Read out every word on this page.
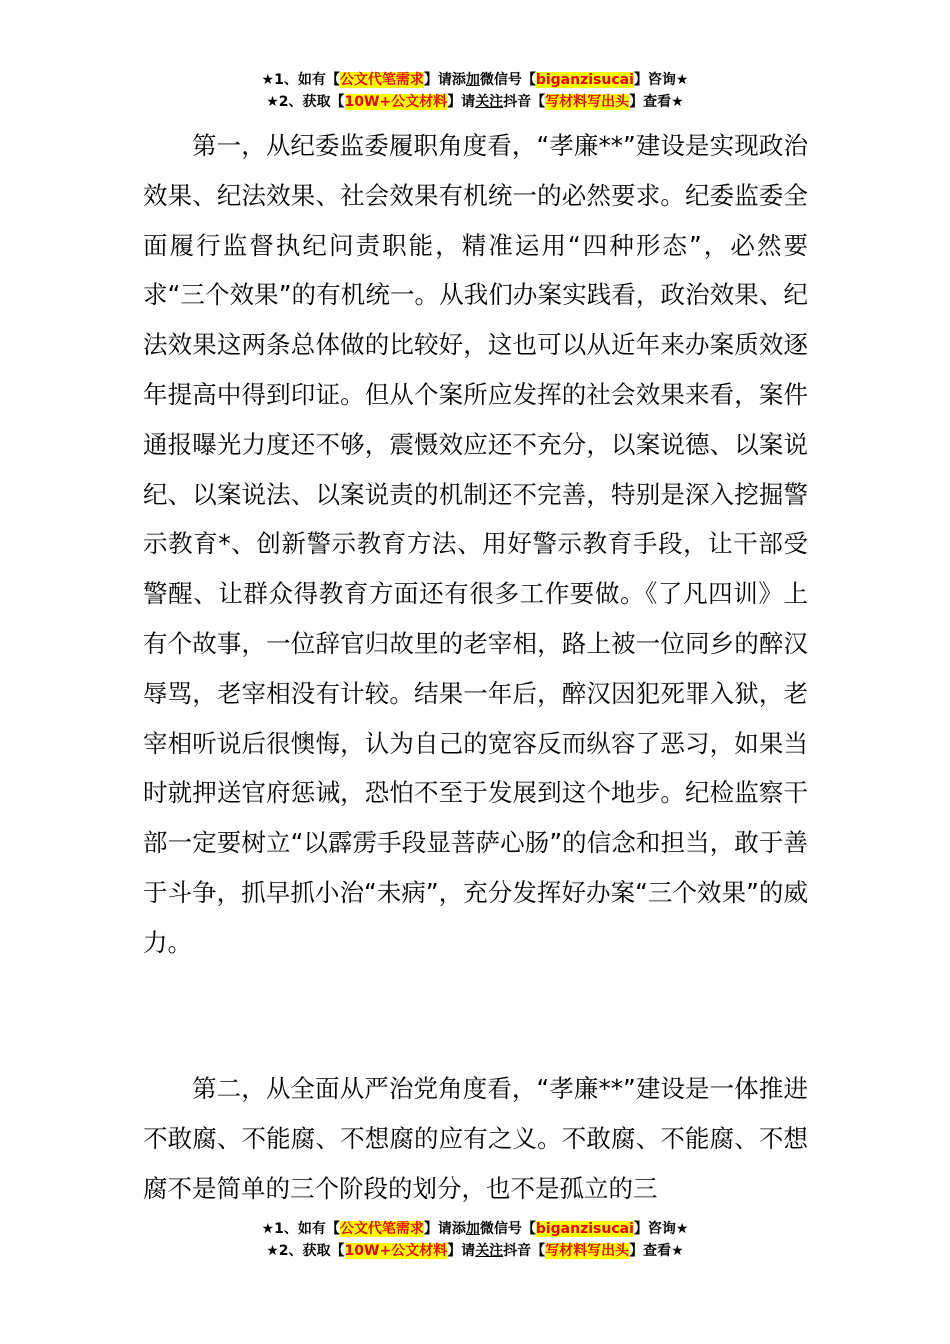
★1、如有【公文代笔需求】请添加微信号【biganzisucai】咨询★
★2、获取【10W+公文材料】请关注抖音【写材料写出头】查看★

第一，从纪委监委履职角度看，“孝廉**”建设是实现政治效果、纪法效果、社会效果有机统一的必然要求。纪委监委全面履行监督执纪问责职能，精准运用“四种形态”，必然要求“三个效果”的有机统一。从我们办案实践看，政治效果、纪法效果这两条总体做的比较好，这也可以从近年来办案质效逐年提高中得到印证。但从个案所应发挥的社会效果来看，案件通报曝光力度还不够，震慑效应还不充分，以案说德、以案说纪、以案说法、以案说责的机制还不完善，特别是深入挖掘警示教育*、创新警示教育方法、用好警示教育手段，让干部受警醒、让群众得教育方面还有很多工作要做。《了凡四训》上有个故事，一位辞官归故里的老宰相，路上被一位同乡的醉汉辱骂，老宰相没有计较。结果一年后，醉汉因犯死罪入狱，老宰相听说后很懊悔，认为自己的宽容反而纵容了恶习，如果当时就押送官府惩诫，恐怕不至于发展到这个地步。纪检监察干部一定要树立“以霹雳手段显菩萨心肠”的信念和担当，敢于善于斗争，抓早抓小治“未病”，充分发挥好办案“三个效果”的威力。

第二，从全面从严治党角度看，“孝廉**”建设是一体推进不敢腐、不能腐、不想腐的应有之义。不敢腐、不能腐、不想腐不是简单的三个阶段的划分，也不是孤立的三

★1、如有【公文代笔需求】请添加微信号【biganzisucai】咨询★
★2、获取【10W+公文材料】请关注抖音【写材料写出头】查看★
